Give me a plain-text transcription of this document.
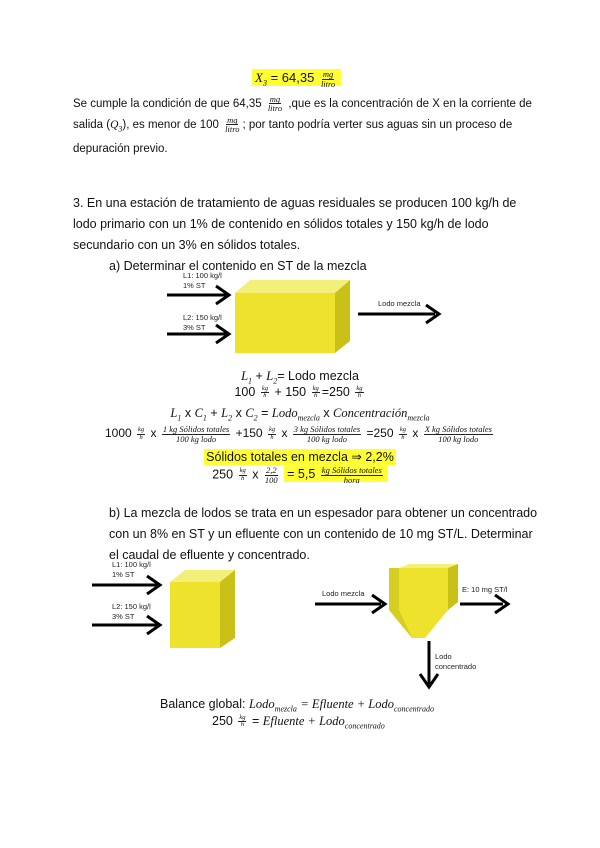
$X_3 = 64,35 \frac{mg}{\text{litro}}$
Se cumple la condición de que $64,35 \frac{mg}{\text{litro}} ,que$ es la concentración de X en la corriente de
salida $(Q_3)$, es menor de $100 \frac{mg}{\text{litro}}$ ; por tanto podría verter sus aguas sin un proceso de
depuración previo.
3. En una estación de tratamiento de aguas residuales se producen 100 kg/h de
lodo primario con un 1% de contenido en sólidos totales y 150 kg/h de lodo
secundario con un 3% en sólidos totales.
a) Determinar el contenido en ST de la mezcla
L1: 100 kg/l
1% ST
L2: 150 kg/l
3% ST
Lodo mezcla
$L_1 + L_2=$ Lodo mezcla
$100 \frac{kg}{h} + 150 \frac{kg}{h} =250 \frac{kg}{h}$
$L_1$ x $C_1 + L_2$ x $C_2$ = Lodo$_{mezcla}$ x Concentración$_{mezcla}$
$1000 \frac{kg}{h}$ x $\frac{\text{1 kg Sólidos totales}}{\text{100 kg lodo}} +150 \frac{kg}{h}$ x $\frac{\text{3 kg Sólidos totales}}{\text{100 kg lodo}} =250 \frac{kg}{h}$ x $\frac{\text{X kg Sólidos totales}}{\text{100 kg lodo}}$
Sólidos totales en mezcla ⇒ 2,2%
$250 \frac{kg}{h}$ x $\frac{2,2}{100} = 5,5 \frac{\text{kg Sólidos totales}}{\text{hora}}$
b) La mezcla de lodos se trata en un espesador para obtener un concentrado
con un 8% en ST y un efluente con un contenido de 10 mg ST/L. Determinar
el caudal de efluente y concentrado.
L1: 100 kg/l
1% ST
L2: 150 kg/l
3% ST
Lodo mezcla	E: 10 mg ST/l
Lodo
concentrado
Balance global: Lodo$_{mezcla}$ = Efluente + Lodo$_{concentrado}$
$250 \frac{kg}{h}$ = Efluente + Lodo$_{concentrado}$
